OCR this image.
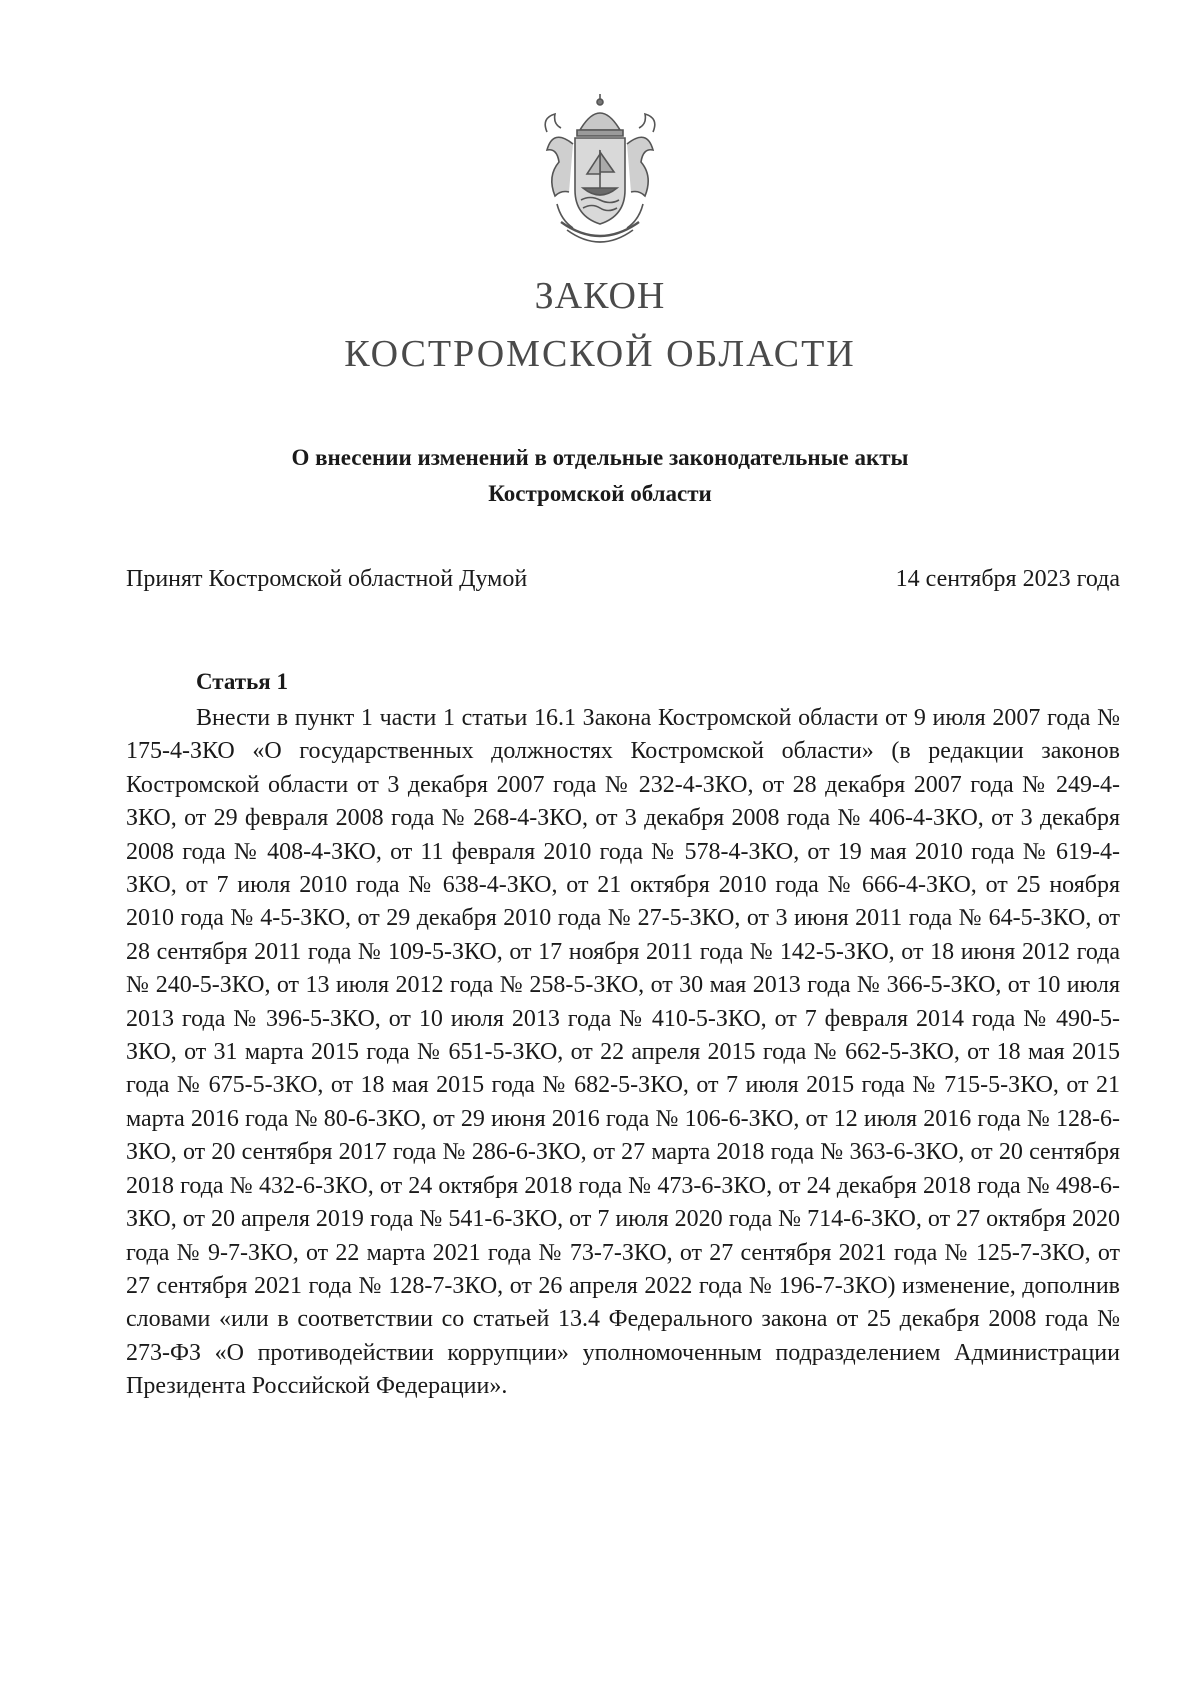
ЗАКОН
КОСТРОМСКОЙ ОБЛАСТИ
О внесении изменений в отдельные законодательные акты
Костромской области
Принят Костромской областной Думой	14 сентября 2023 года
Статья 1

Внести в пункт 1 части 1 статьи 16.1 Закона Костромской области от 9 июля 2007 года № 175-4-ЗКО «О государственных должностях Костромской области» (в редакции законов Костромской области от 3 декабря 2007 года № 232-4-ЗКО, от 28 декабря 2007 года № 249-4-ЗКО, от 29 февраля 2008 года № 268-4-ЗКО, от 3 декабря 2008 года № 406-4-ЗКО, от 3 декабря 2008 года № 408-4-ЗКО, от 11 февраля 2010 года № 578-4-ЗКО, от 19 мая 2010 года № 619-4-ЗКО, от 7 июля 2010 года № 638-4-ЗКО, от 21 октября 2010 года № 666-4-ЗКО, от 25 ноября 2010 года № 4-5-ЗКО, от 29 декабря 2010 года № 27-5-ЗКО, от 3 июня 2011 года № 64-5-ЗКО, от 28 сентября 2011 года № 109-5-ЗКО, от 17 ноября 2011 года № 142-5-ЗКО, от 18 июня 2012 года № 240-5-ЗКО, от 13 июля 2012 года № 258-5-ЗКО, от 30 мая 2013 года № 366-5-ЗКО, от 10 июля 2013 года № 396-5-ЗКО, от 10 июля 2013 года № 410-5-ЗКО, от 7 февраля 2014 года № 490-5-ЗКО, от 31 марта 2015 года № 651-5-ЗКО, от 22 апреля 2015 года № 662-5-ЗКО, от 18 мая 2015 года № 675-5-ЗКО, от 18 мая 2015 года № 682-5-ЗКО, от 7 июля 2015 года № 715-5-ЗКО, от 21 марта 2016 года № 80-6-ЗКО, от 29 июня 2016 года № 106-6-ЗКО, от 12 июля 2016 года № 128-6-ЗКО, от 20 сентября 2017 года № 286-6-ЗКО, от 27 марта 2018 года № 363-6-ЗКО, от 20 сентября 2018 года № 432-6-ЗКО, от 24 октября 2018 года № 473-6-ЗКО, от 24 декабря 2018 года № 498-6-ЗКО, от 20 апреля 2019 года № 541-6-ЗКО, от 7 июля 2020 года № 714-6-ЗКО, от 27 октября 2020 года № 9-7-ЗКО, от 22 марта 2021 года № 73-7-ЗКО, от 27 сентября 2021 года № 125-7-ЗКО, от 27 сентября 2021 года № 128-7-ЗКО, от 26 апреля 2022 года № 196-7-ЗКО) изменение, дополнив словами «или в соответствии со статьей 13.4 Федерального закона от 25 декабря 2008 года № 273-ФЗ «О противодействии коррупции» уполномоченным подразделением Администрации Президента Российской Федерации».
